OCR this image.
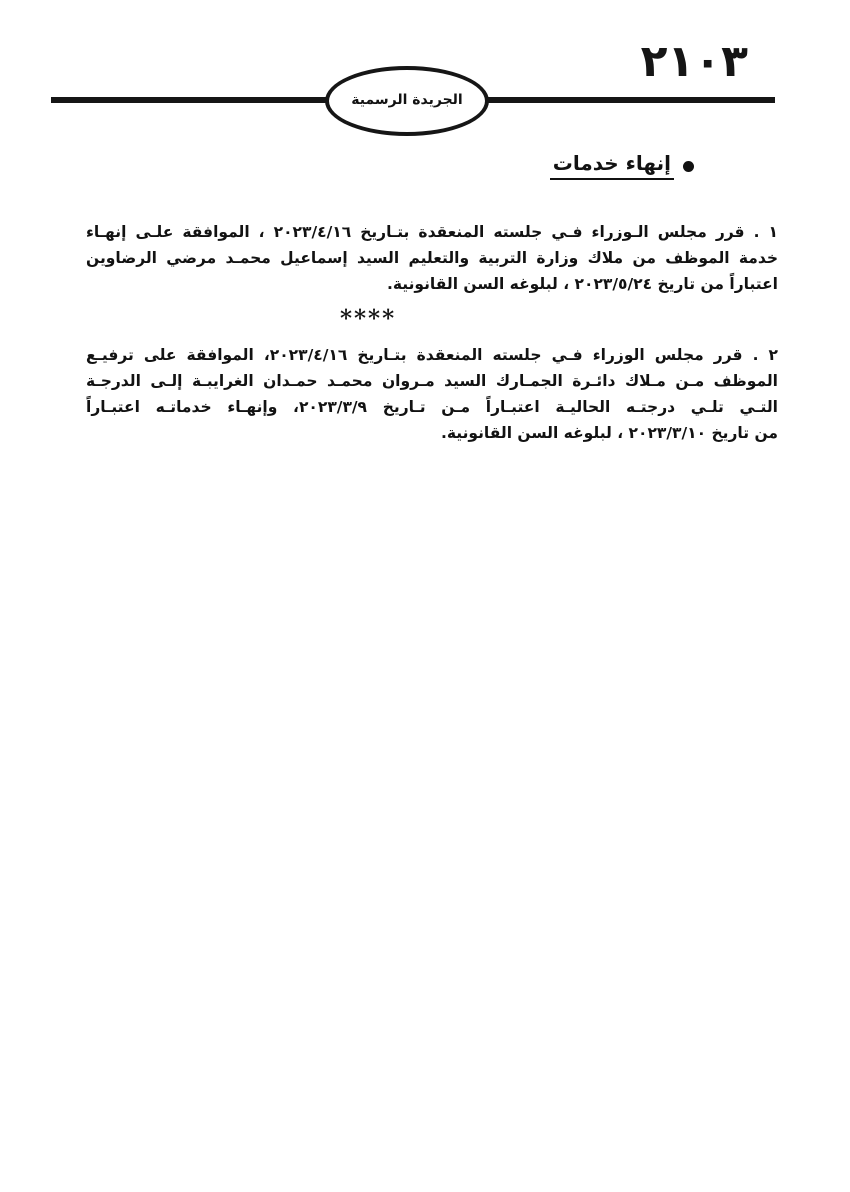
٢١٠٣
الجريدة الرسمية
إنهاء خدمات
١ . قرر مجلس الـوزراء فـي جلسته المنعقدة بتـاريخ ٢٠٢٣/٤/١٦ ، الموافقة علـى إنهـاء
خدمة الموظف من ملاك وزارة التربية والتعليم السيد إسماعيل محمـد مرضي الرضاوين
اعتباراً من تاريخ ٢٠٢٣/٥/٢٤ ، لبلوغه السن القانونية.
****
٢ . قرر مجلس الوزراء فـي جلسته المنعقدة بتـاريخ ٢٠٢٣/٤/١٦، الموافقة على ترفيـع
الموظف مـن مـلاك دائـرة الجمـارك السيد مـروان محمـد حمـدان الغرايبـة إلـى الدرجـة
التـي تلـي درجتـه الحاليـة اعتبـاراً مـن تـاريخ ٢٠٢٣/٣/٩، وإنهـاء خدماتـه اعتبـاراً
من تاريخ ٢٠٢٣/٣/١٠ ، لبلوغه السن القانونية.
